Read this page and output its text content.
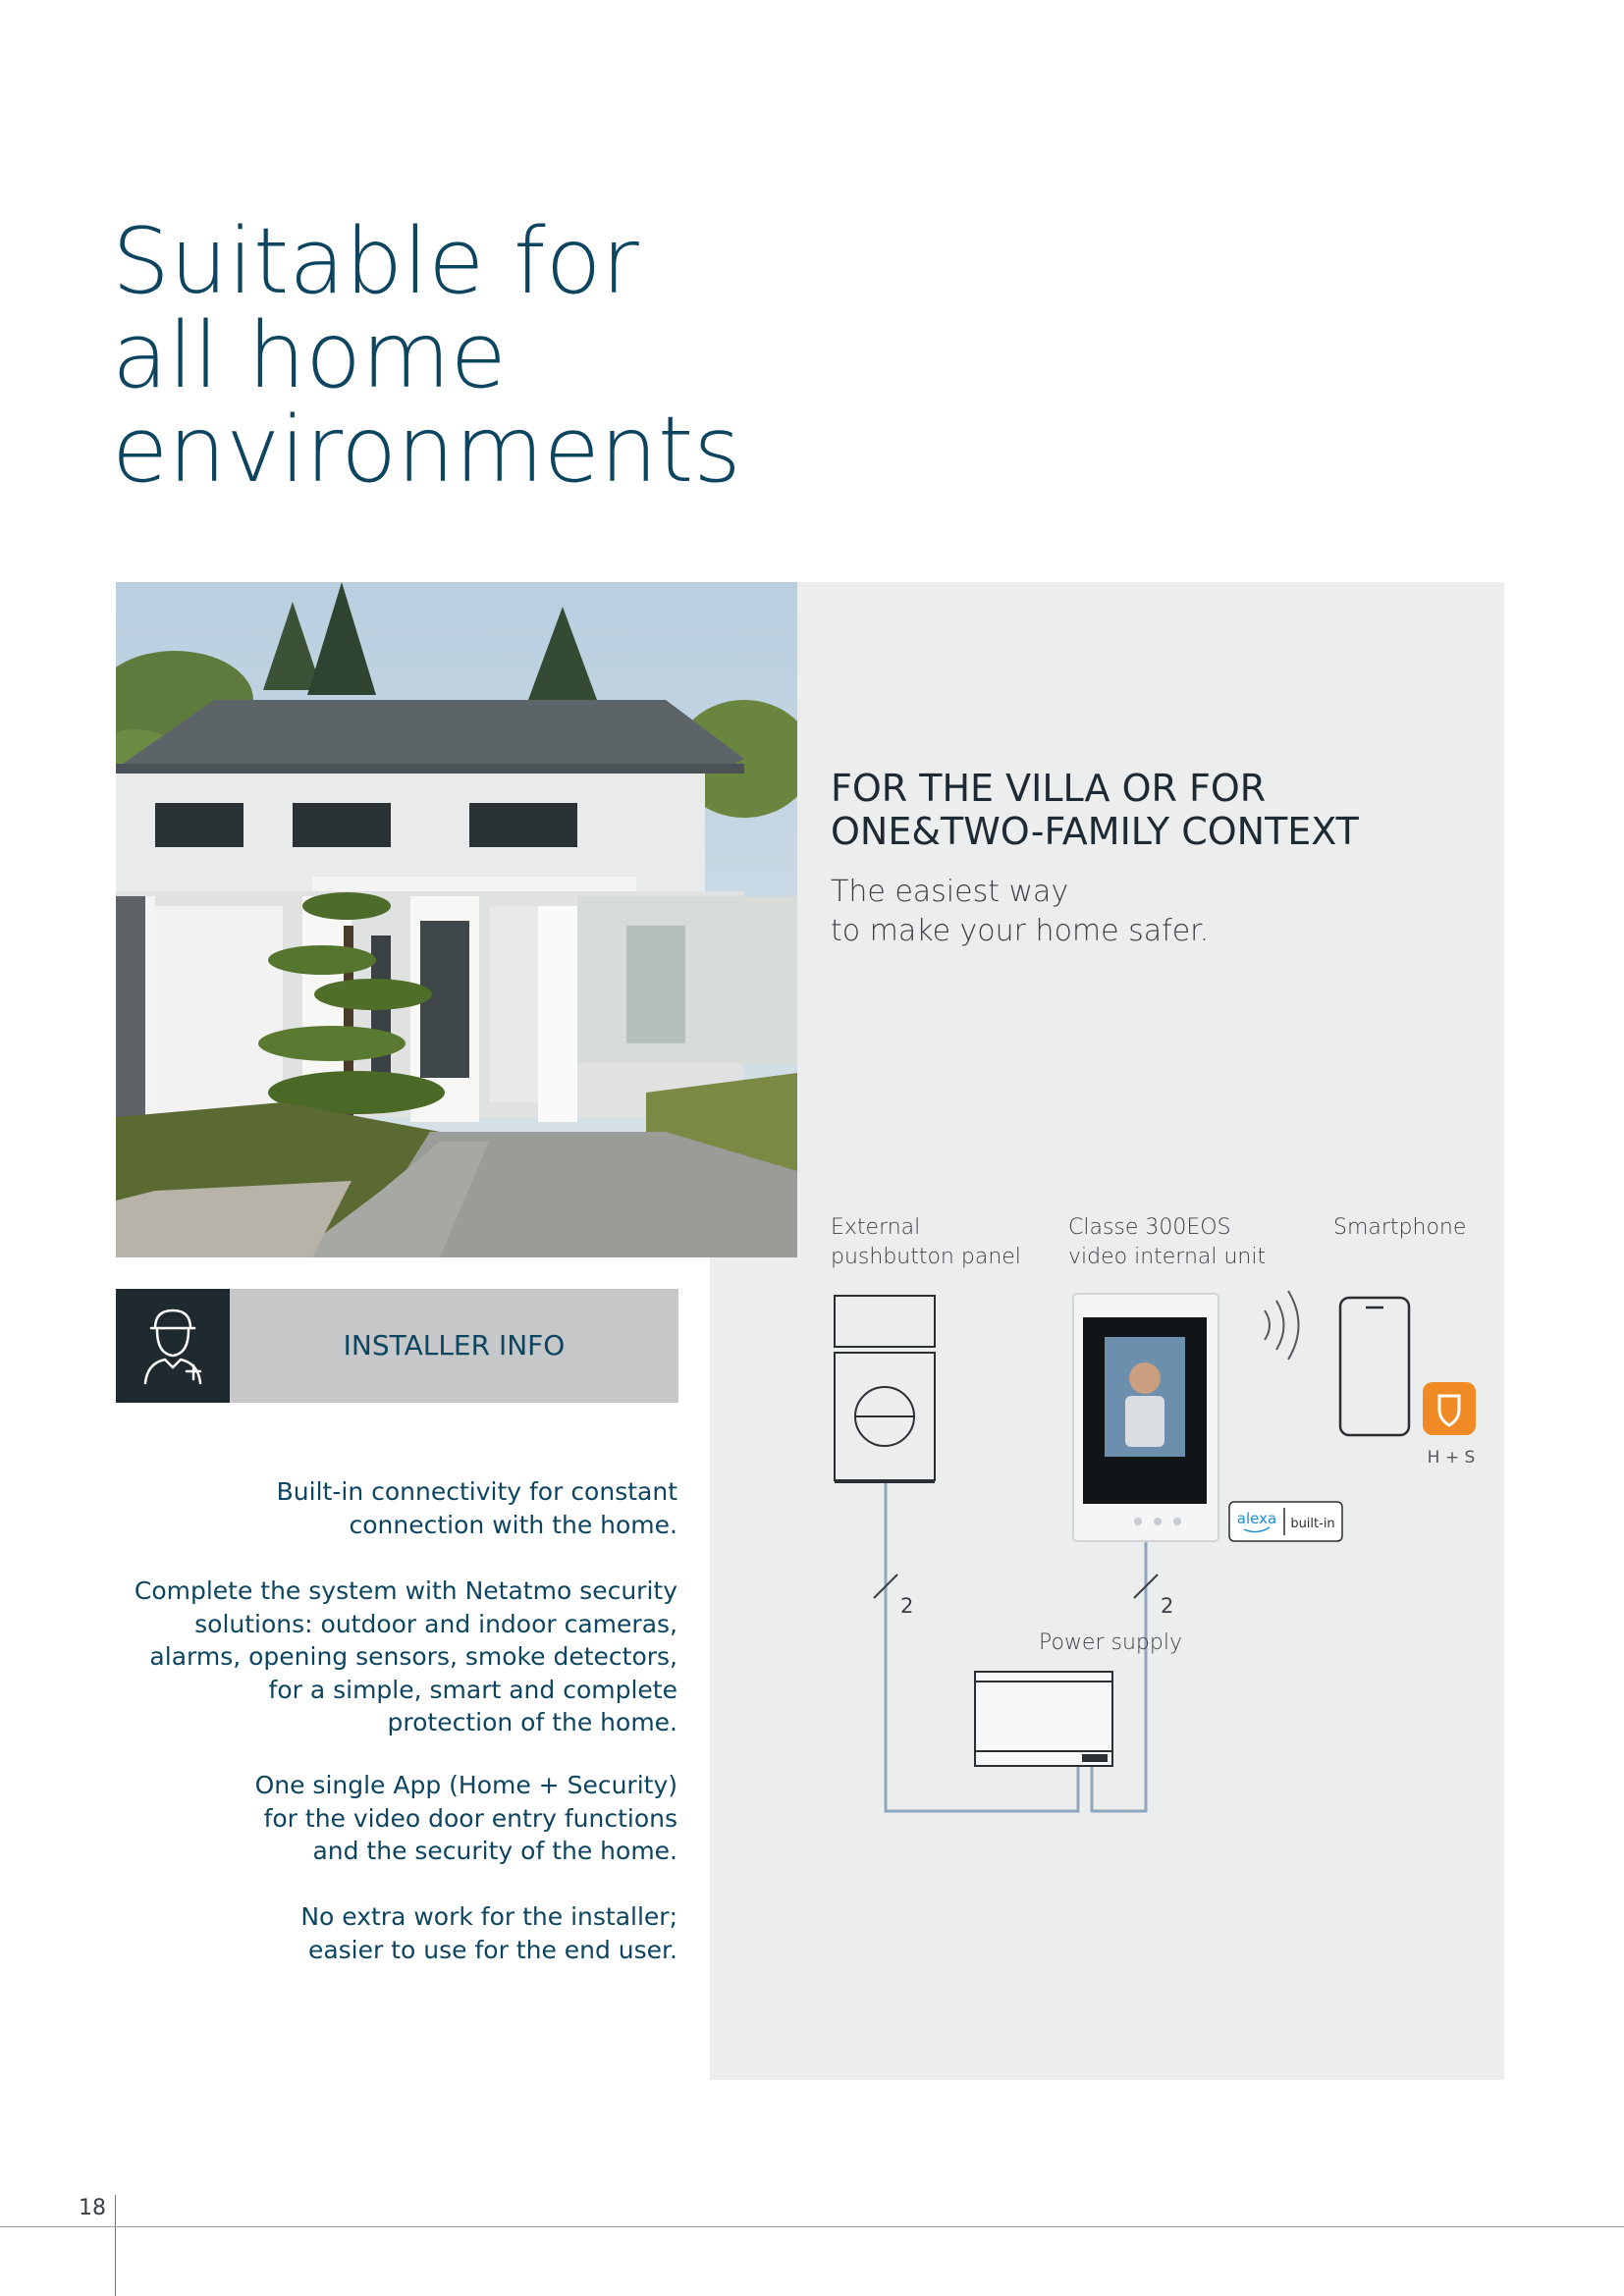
Suitable for
all home
environments
FOR THE VILLA OR FOR
ONE&TWO-FAMILY CONTEXT
The easiest way
to make your home safer.
External
pushbutton panel
Classe 300EOS
video internal unit
Smartphone
H + S
alexa built-in
2	2
Power supply
INSTALLER INFO
Built-in connectivity for constant
connection with the home.
Complete the system with Netatmo security
solutions: outdoor and indoor cameras,
alarms, opening sensors, smoke detectors,
for a simple, smart and complete
protection of the home.
One single App (Home + Security)
for the video door entry functions
and the security of the home.
No extra work for the installer;
easier to use for the end user.
18
